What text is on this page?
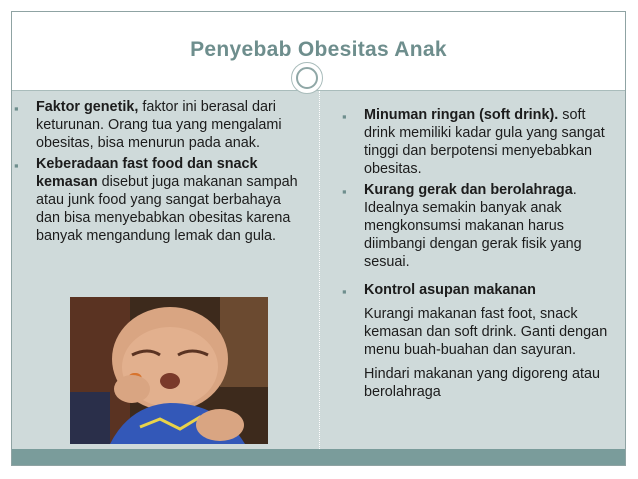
Penyebab Obesitas Anak
▪ Faktor genetik, faktor ini berasal dari keturunan. Orang tua yang mengalami obesitas, bisa menurun pada anak.
▪ Keberadaan fast food dan snack kemasan disebut juga makanan sampah atau junk food yang sangat berbahaya dan bisa menyebabkan obesitas karena banyak mengandung lemak dan gula.
▪ Minuman ringan (soft drink). soft drink memiliki kadar gula yang sangat tinggi dan berpotensi menyebabkan obesitas.
▪ Kurang gerak dan berolahraga. Idealnya semakin banyak anak mengkonsumsi makanan harus diimbangi dengan gerak fisik yang sesuai.
▪ Kontrol asupan makanan
Kurangi makanan fast foot, snack kemasan dan soft drink. Ganti dengan menu buah-buahan dan sayuran.
Hindari makanan yang digoreng atau berolahraga
